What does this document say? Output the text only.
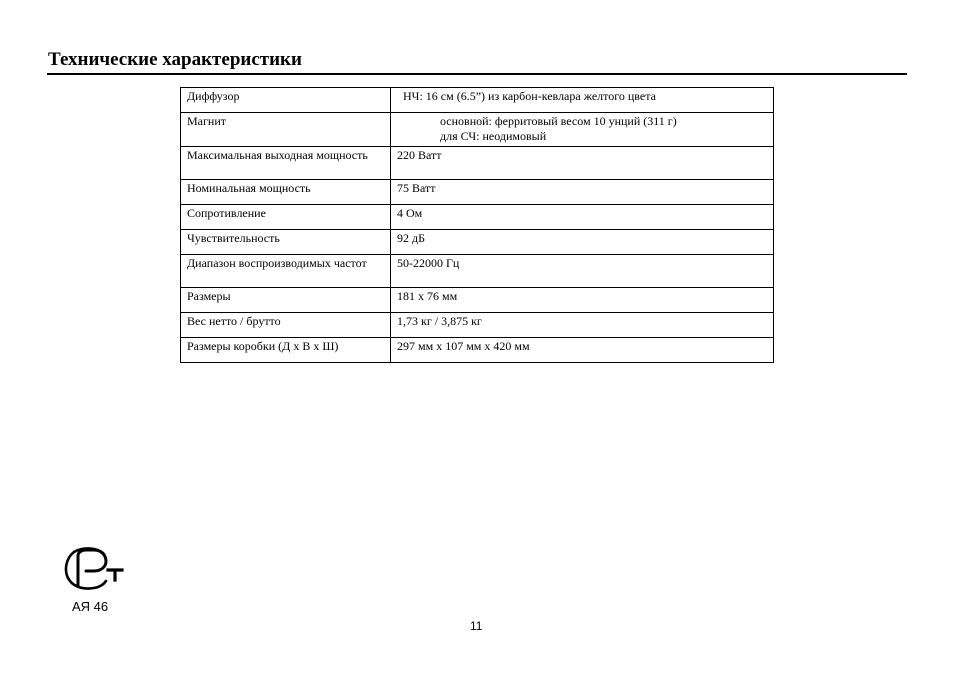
Технические характеристики
Диффузор	НЧ: 16 см (6.5”) из карбон-кевлара желтого цвета

Магнит	основной: ферритовый весом 10 унций (311 г)
для СЧ: неодимовый

Максимальная выходная мощность	220 Ватт
Номинальная мощность	75 Ватт
Сопротивление	4 Ом
Чувствительность	92 дБ
Диапазон воспроизводимых частот	50-22000 Гц
Размеры	181 х 76 мм
Вес нетто / брутто	1,73 кг / 3,875 кг
Размеры коробки (Д х В х Ш)	297 мм х 107 мм х 420 мм
АЯ 46
11
